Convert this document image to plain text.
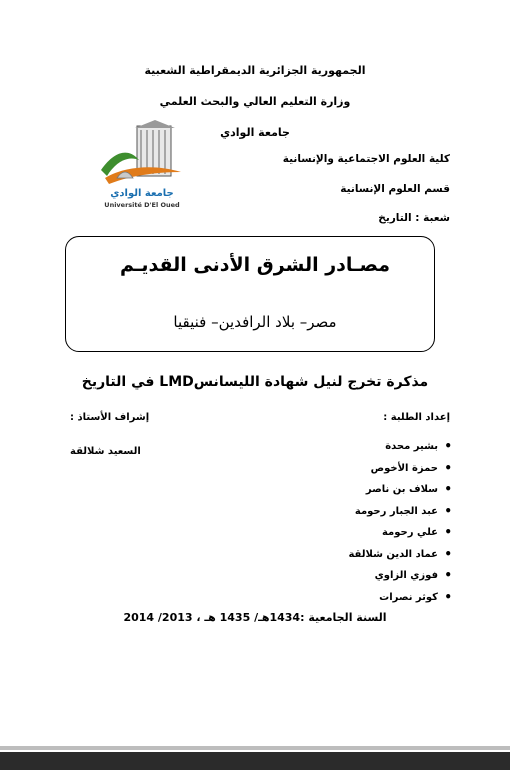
الجمهورية الجزائرية الديمقراطية الشعبية
وزارة التعليم العالي والبحث العلمي
جامعة الوادي
جامعة الوادي
Université D'El Oued
كلية العلوم الاجتماعية والإنسانية
قسم العلوم الإنسانية
شعبة : التاريخ
مصـادر الشرق الأدنى القديـم
مصر– بلاد الرافدين– فنيقيا
مذكرة تخرج لنيل شهادة الليسانسLMD في التاريخ
إعداد الطلبة :
إشراف الأستاذ :
السعيد شلالقة
•	بشير محدة
• حمزة الأخوص
• سلاف بن ناصر
• عبد الجبار رحومة
• علي رحومة
• عماد الدين شلالقة
• فوزي الزاوي
• كوثر نصرات
السنة الجامعية :1434هـ/ 1435 هـ ، 2013/ 2014
